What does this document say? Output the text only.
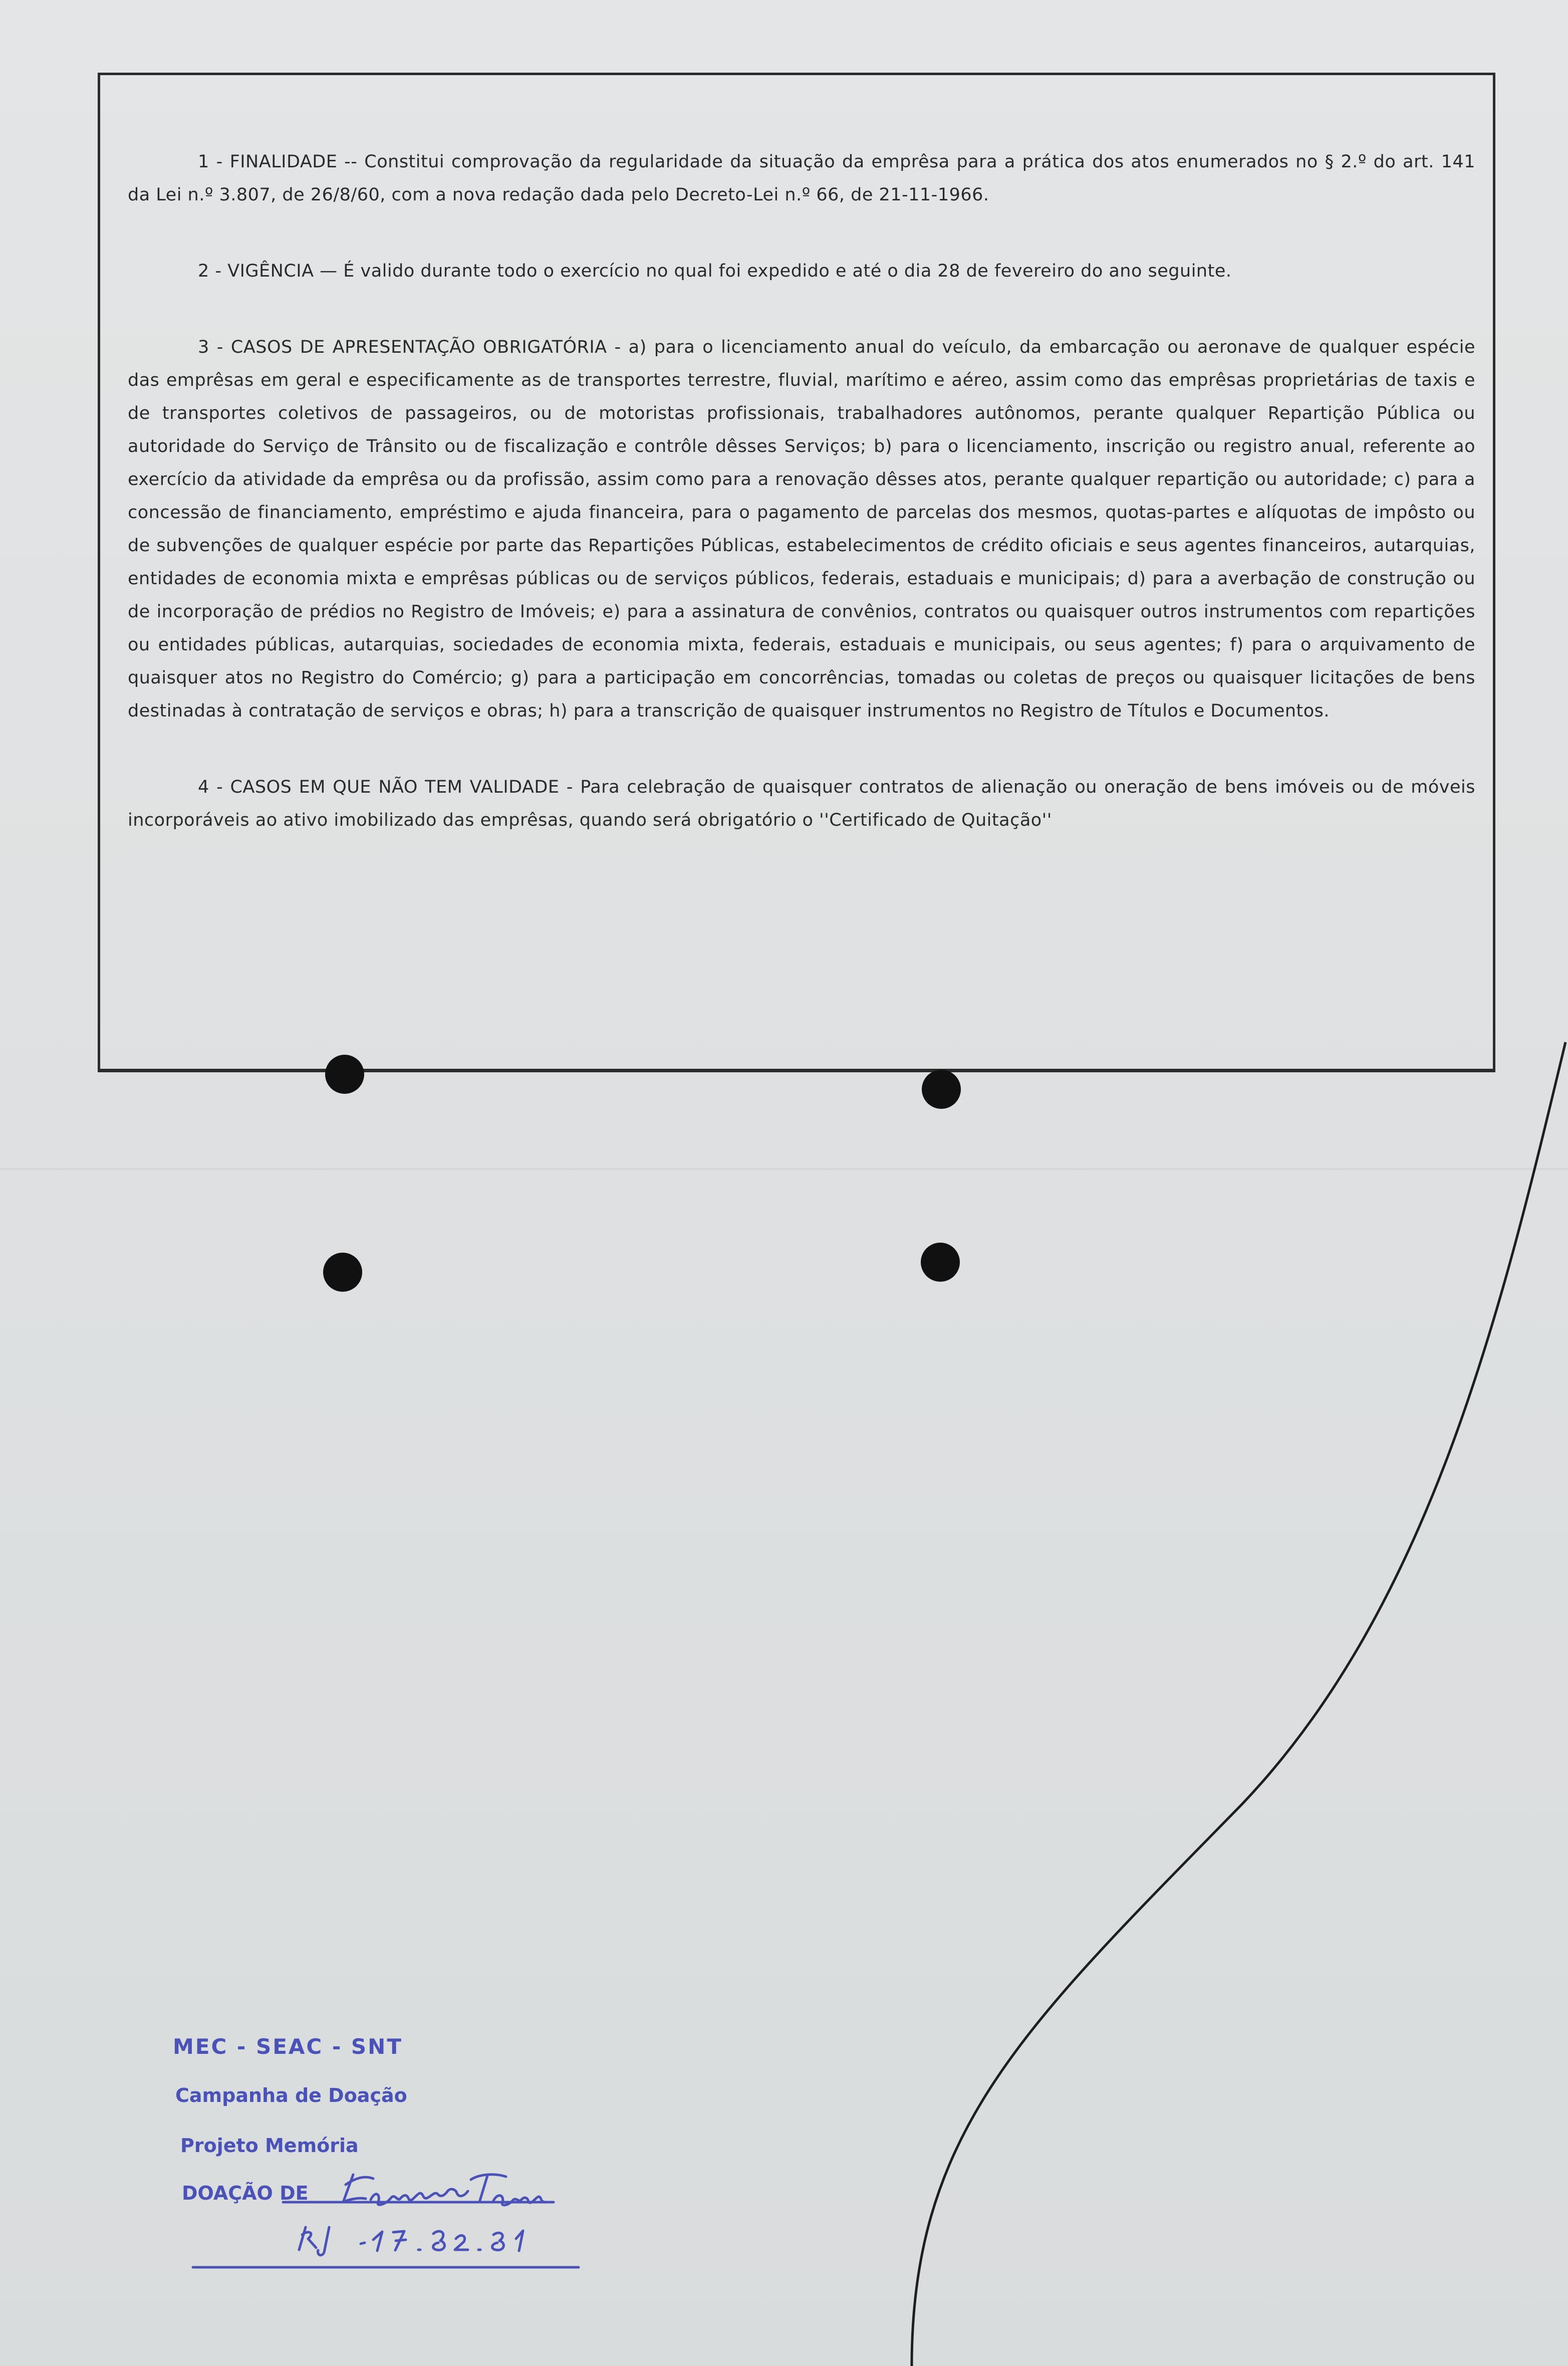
1 - FINALIDADE -- Constitui comprovação da regularidade da situação da emprêsa para a prática dos atos enumerados no § 2.º do art. 141 da Lei n.º 3.807, de 26/8/60, com a nova redação dada pelo Decreto-Lei n.º 66, de 21-11-1966.

2 - VIGÊNCIA — É valido durante todo o exercício no qual foi expedido e até o dia 28 de fevereiro do ano seguinte.

3 - CASOS DE APRESENTAÇÃO OBRIGATÓRIA - a) para o licenciamento anual do veículo, da embarcação ou aeronave de qualquer espécie das emprêsas em geral e especificamente as de transportes terrestre, fluvial, marítimo e aéreo, assim como das emprêsas proprietárias de taxis e de transportes coletivos de passageiros, ou de motoristas profissionais, trabalhadores autônomos, perante qualquer Repartição Pública ou autoridade do Serviço de Trânsito ou de fiscalização e contrôle dêsses Serviços; b) para o licenciamento, inscrição ou registro anual, referente ao exercício da atividade da emprêsa ou da profissão, assim como para a renovação dêsses atos, perante qualquer repartição ou autoridade; c) para a concessão de financiamento, empréstimo e ajuda financeira, para o pagamento de parcelas dos mesmos, quotas-partes e alíquotas de impôsto ou de subvenções de qualquer espécie por parte das Repartições Públicas, estabelecimentos de crédito oficiais e seus agentes financeiros, autarquias, entidades de economia mixta e emprêsas públicas ou de serviços públicos, federais, estaduais e municipais; d) para a averbação de construção ou de incorporação de prédios no Registro de Imóveis; e) para a assinatura de convênios, contratos ou quaisquer outros instrumentos com repartições ou entidades públicas, autarquias, sociedades de economia mixta, federais, estaduais e municipais, ou seus agentes; f) para o arquivamento de quaisquer atos no Registro do Comércio; g) para a participação em concorrências, tomadas ou coletas de preços ou quaisquer licitações de bens destinadas à contratação de serviços e obras; h) para a transcrição de quaisquer instrumentos no Registro de Títulos e Documentos.

4 - CASOS EM QUE NÃO TEM VALIDADE - Para celebração de quaisquer contratos de alienação ou oneração de bens imóveis ou de móveis incorporáveis ao ativo imobilizado das emprêsas, quando será obrigatório o ''Certificado de Quitação''

MEC - SEAC - SNT
Campanha de Doação
Projeto Memória
DOAÇÃO DE
